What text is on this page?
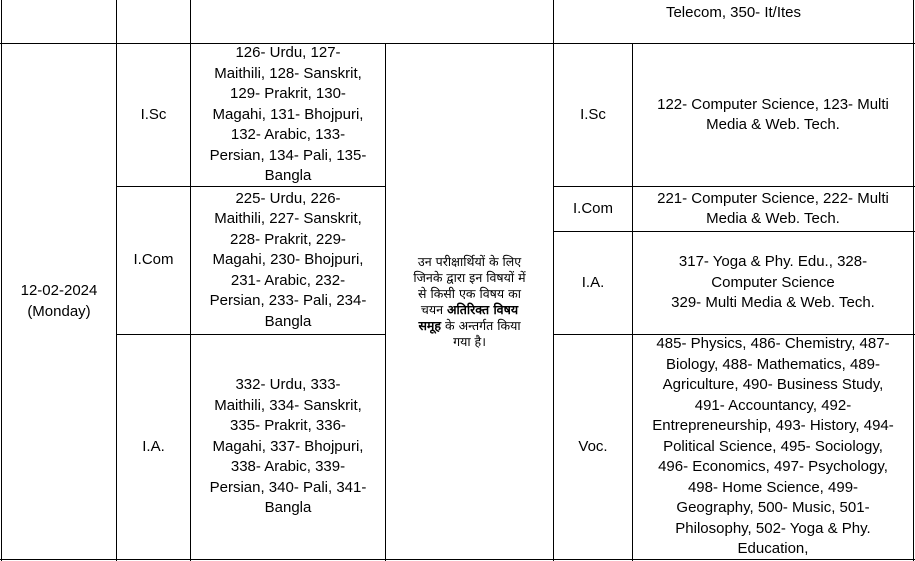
Telecom, 350- It/Ites
12-02-2024
(Monday)
I.Sc
I.Com
I.A.
126- Urdu, 127-
Maithili, 128- Sanskrit,
129- Prakrit, 130-
Magahi, 131- Bhojpuri,
132- Arabic, 133-
Persian, 134- Pali, 135-
Bangla
225- Urdu, 226-
Maithili, 227- Sanskrit,
228- Prakrit, 229-
Magahi, 230- Bhojpuri,
231- Arabic, 232-
Persian, 233- Pali, 234-
Bangla
332- Urdu, 333-
Maithili, 334- Sanskrit,
335- Prakrit, 336-
Magahi, 337- Bhojpuri,
338- Arabic, 339-
Persian, 340- Pali, 341-
Bangla
उन परीक्षार्थियों के लिए
जिनके द्वारा इन विषयों में
से किसी एक विषय का
चयन अतिरिक्त विषय
समूह के अन्तर्गत किया
गया है।
I.Sc
I.Com
I.A.
Voc.
122- Computer Science, 123- Multi
Media & Web. Tech.
221- Computer Science, 222- Multi
Media & Web. Tech.
317- Yoga & Phy. Edu., 328-
Computer Science
329- Multi Media & Web. Tech.
485- Physics, 486- Chemistry, 487-
Biology, 488- Mathematics, 489-
Agriculture, 490- Business Study,
491- Accountancy, 492-
Entrepreneurship, 493- History, 494-
Political Science, 495- Sociology,
496- Economics, 497- Psychology,
498- Home Science, 499-
Geography, 500- Music, 501-
Philosophy, 502- Yoga & Phy.
Education,
